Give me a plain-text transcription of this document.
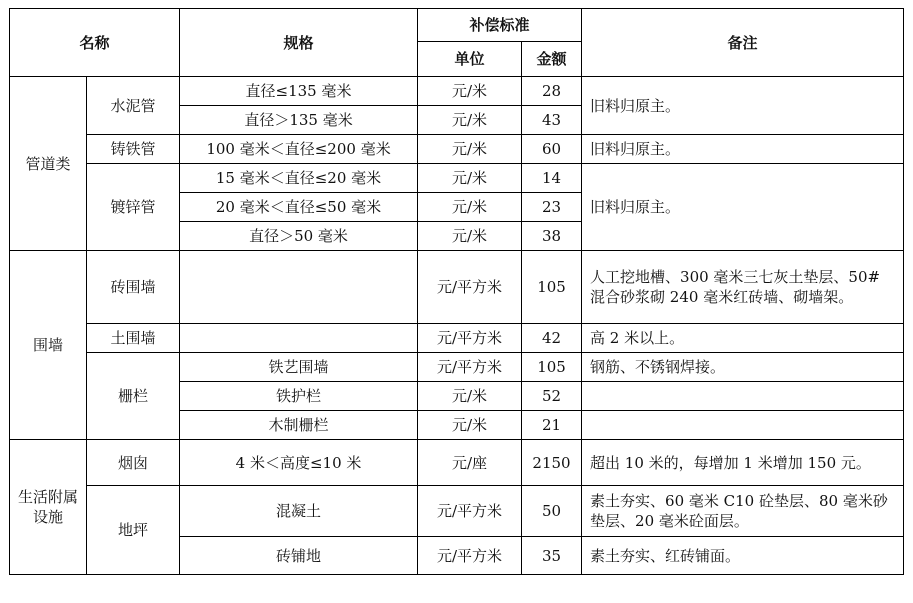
名称		规格	补偿标准		备注
			单位	金额	
管道类	水泥管	直径≤135 毫米	元/米	28	旧料归原主。
		直径＞135 毫米	元/米	43	
	铸铁管	100 毫米＜直径≤200 毫米	元/米	60	旧料归原主。
	镀锌管	15 毫米＜直径≤20 毫米	元/米	14	旧料归原主。
		20 毫米＜直径≤50 毫米	元/米	23	
		直径＞50 毫米	元/米	38	
围墙	砖围墙		元/平方米	105	人工挖地槽、300 毫米三七灰土垫层、50# 混合砂浆砌 240 毫米红砖墙、砌墙架。
	土围墙		元/平方米	42	高 2 米以上。
	栅栏	铁艺围墙	元/平方米	105	钢筋、不锈钢焊接。
		铁护栏	元/米	52	
		木制栅栏	元/米	21	
生活附属设施	烟囱	4 米＜高度≤10 米	元/座	2150	超出 10 米的，每增加 1 米增加 150 元。
	地坪	混凝土	元/平方米	50	素土夯实、60 毫米 C10 砼垫层、80 毫米砂垫层、20 毫米砼面层。
		砖铺地	元/平方米	35	素土夯实、红砖铺面。
